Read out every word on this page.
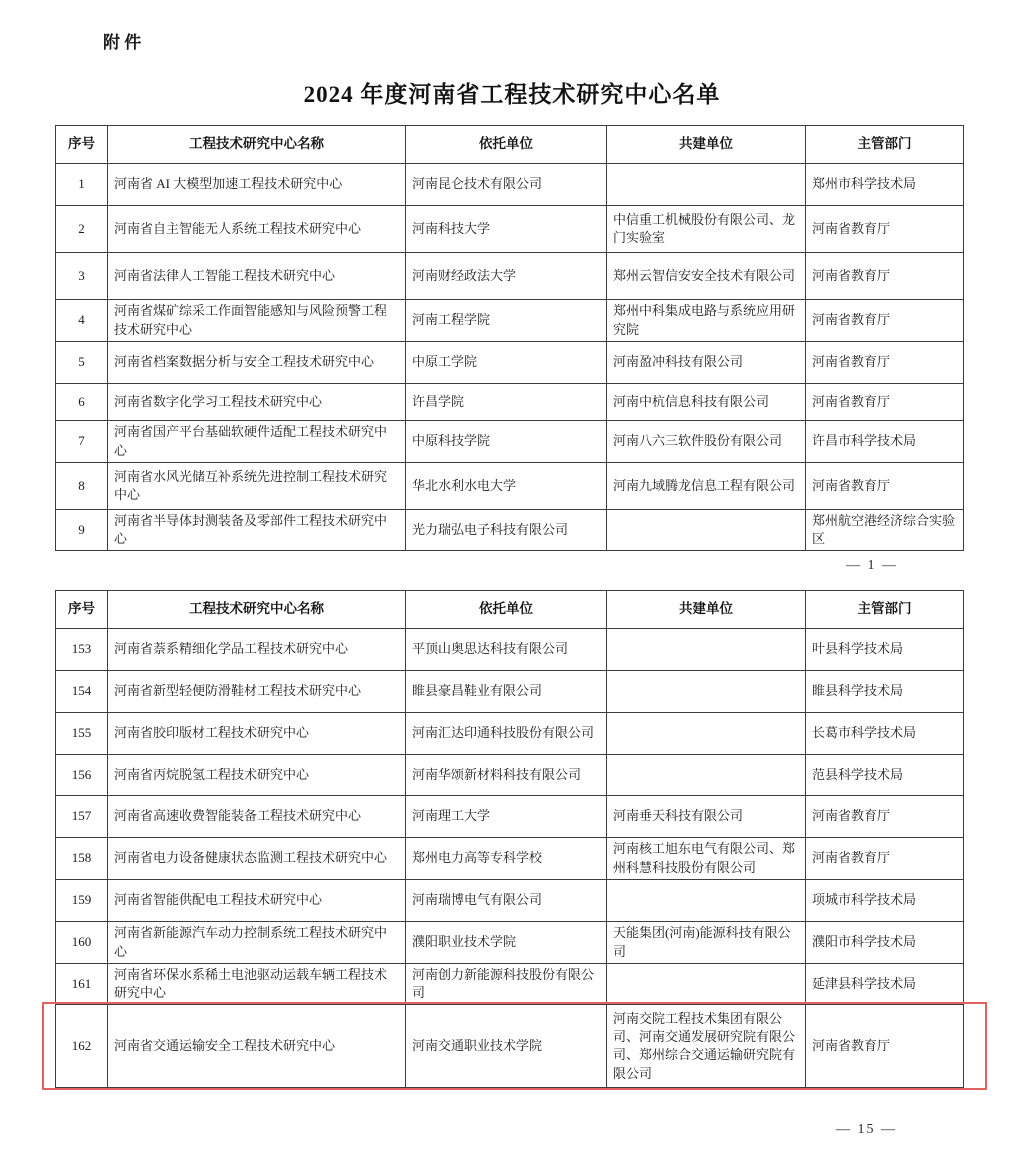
附 件
2024 年度河南省工程技术研究中心名单
序号	工程技术研究中心名称	依托单位	共建单位	主管部门
1	河南省 AI 大模型加速工程技术研究中心	河南昆仑技术有限公司		郑州市科学技术局
2	河南省自主智能无人系统工程技术研究中心	河南科技大学	中信重工机械股份有限公司、龙门实验室	河南省教育厅
3	河南省法律人工智能工程技术研究中心	河南财经政法大学	郑州云智信安安全技术有限公司	河南省教育厅
4	河南省煤矿综采工作面智能感知与风险预警工程技术研究中心	河南工程学院	郑州中科集成电路与系统应用研究院	河南省教育厅
5	河南省档案数据分析与安全工程技术研究中心	中原工学院	河南盈冲科技有限公司	河南省教育厅
6	河南省数字化学习工程技术研究中心	许昌学院	河南中杭信息科技有限公司	河南省教育厅
7	河南省国产平台基础软硬件适配工程技术研究中心	中原科技学院	河南八六三软件股份有限公司	许昌市科学技术局
8	河南省水风光储互补系统先进控制工程技术研究中心	华北水利水电大学	河南九域腾龙信息工程有限公司	河南省教育厅
9	河南省半导体封测装备及零部件工程技术研究中心	光力瑞弘电子科技有限公司		郑州航空港经济综合实验区
— 1 —
序号	工程技术研究中心名称	依托单位	共建单位	主管部门
153	河南省萘系精细化学品工程技术研究中心	平顶山奥思达科技有限公司		叶县科学技术局
154	河南省新型轻便防滑鞋材工程技术研究中心	睢县豪昌鞋业有限公司		睢县科学技术局
155	河南省胶印版材工程技术研究中心	河南汇达印通科技股份有限公司		长葛市科学技术局
156	河南省丙烷脱氢工程技术研究中心	河南华颂新材料科技有限公司		范县科学技术局
157	河南省高速收费智能装备工程技术研究中心	河南理工大学	河南垂天科技有限公司	河南省教育厅
158	河南省电力设备健康状态监测工程技术研究中心	郑州电力高等专科学校	河南核工旭东电气有限公司、郑州科慧科技股份有限公司	河南省教育厅
159	河南省智能供配电工程技术研究中心	河南瑞博电气有限公司		项城市科学技术局
160	河南省新能源汽车动力控制系统工程技术研究中心	濮阳职业技术学院	天能集团(河南)能源科技有限公司	濮阳市科学技术局
161	河南省环保水系稀土电池驱动运载车辆工程技术研究中心	河南创力新能源科技股份有限公司		延津县科学技术局
162	河南省交通运输安全工程技术研究中心	河南交通职业技术学院	河南交院工程技术集团有限公司、河南交通发展研究院有限公司、郑州综合交通运输研究院有限公司	河南省教育厅
— 15 —
